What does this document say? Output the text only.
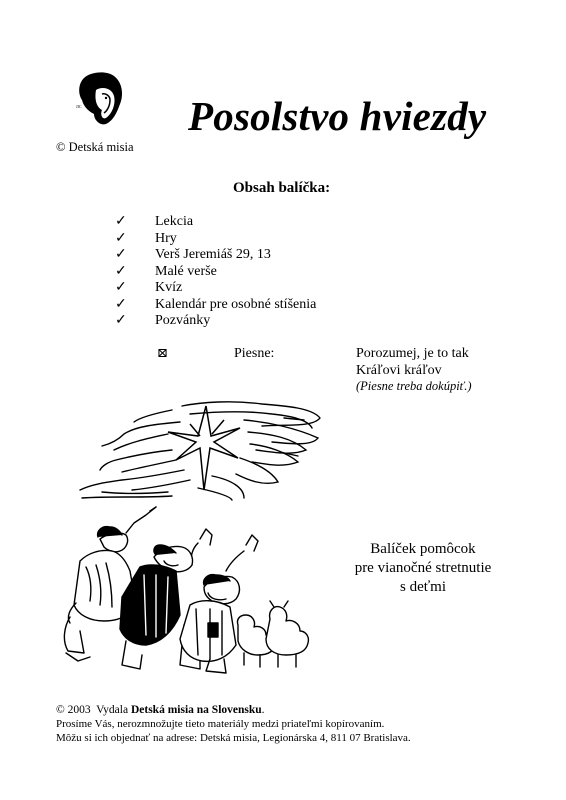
JIC
© Detská misia
Posolstvo hviezdy
Obsah balíčka:
✓ Lekcia
✓ Hry
✓ Verš Jeremiáš 29, 13
✓ Malé verše
✓ Kvíz
✓ Kalendár pre osobné stíšenia
✓ Pozvánky
⊠	Piesne:	Porozumej, je to tak
Kráľovi kráľov
(Piesne treba dokúpiť.)
Balíček pomôcok
pre vianočné stretnutie
s deťmi
© 2003  Vydala Detská misia na Slovensku.
Prosíme Vás, nerozmnožujte tieto materiály medzi priateľmi kopírovaním.
Môžu si ich objednať na adrese: Detská misia, Legionárska 4, 811 07 Bratislava.
